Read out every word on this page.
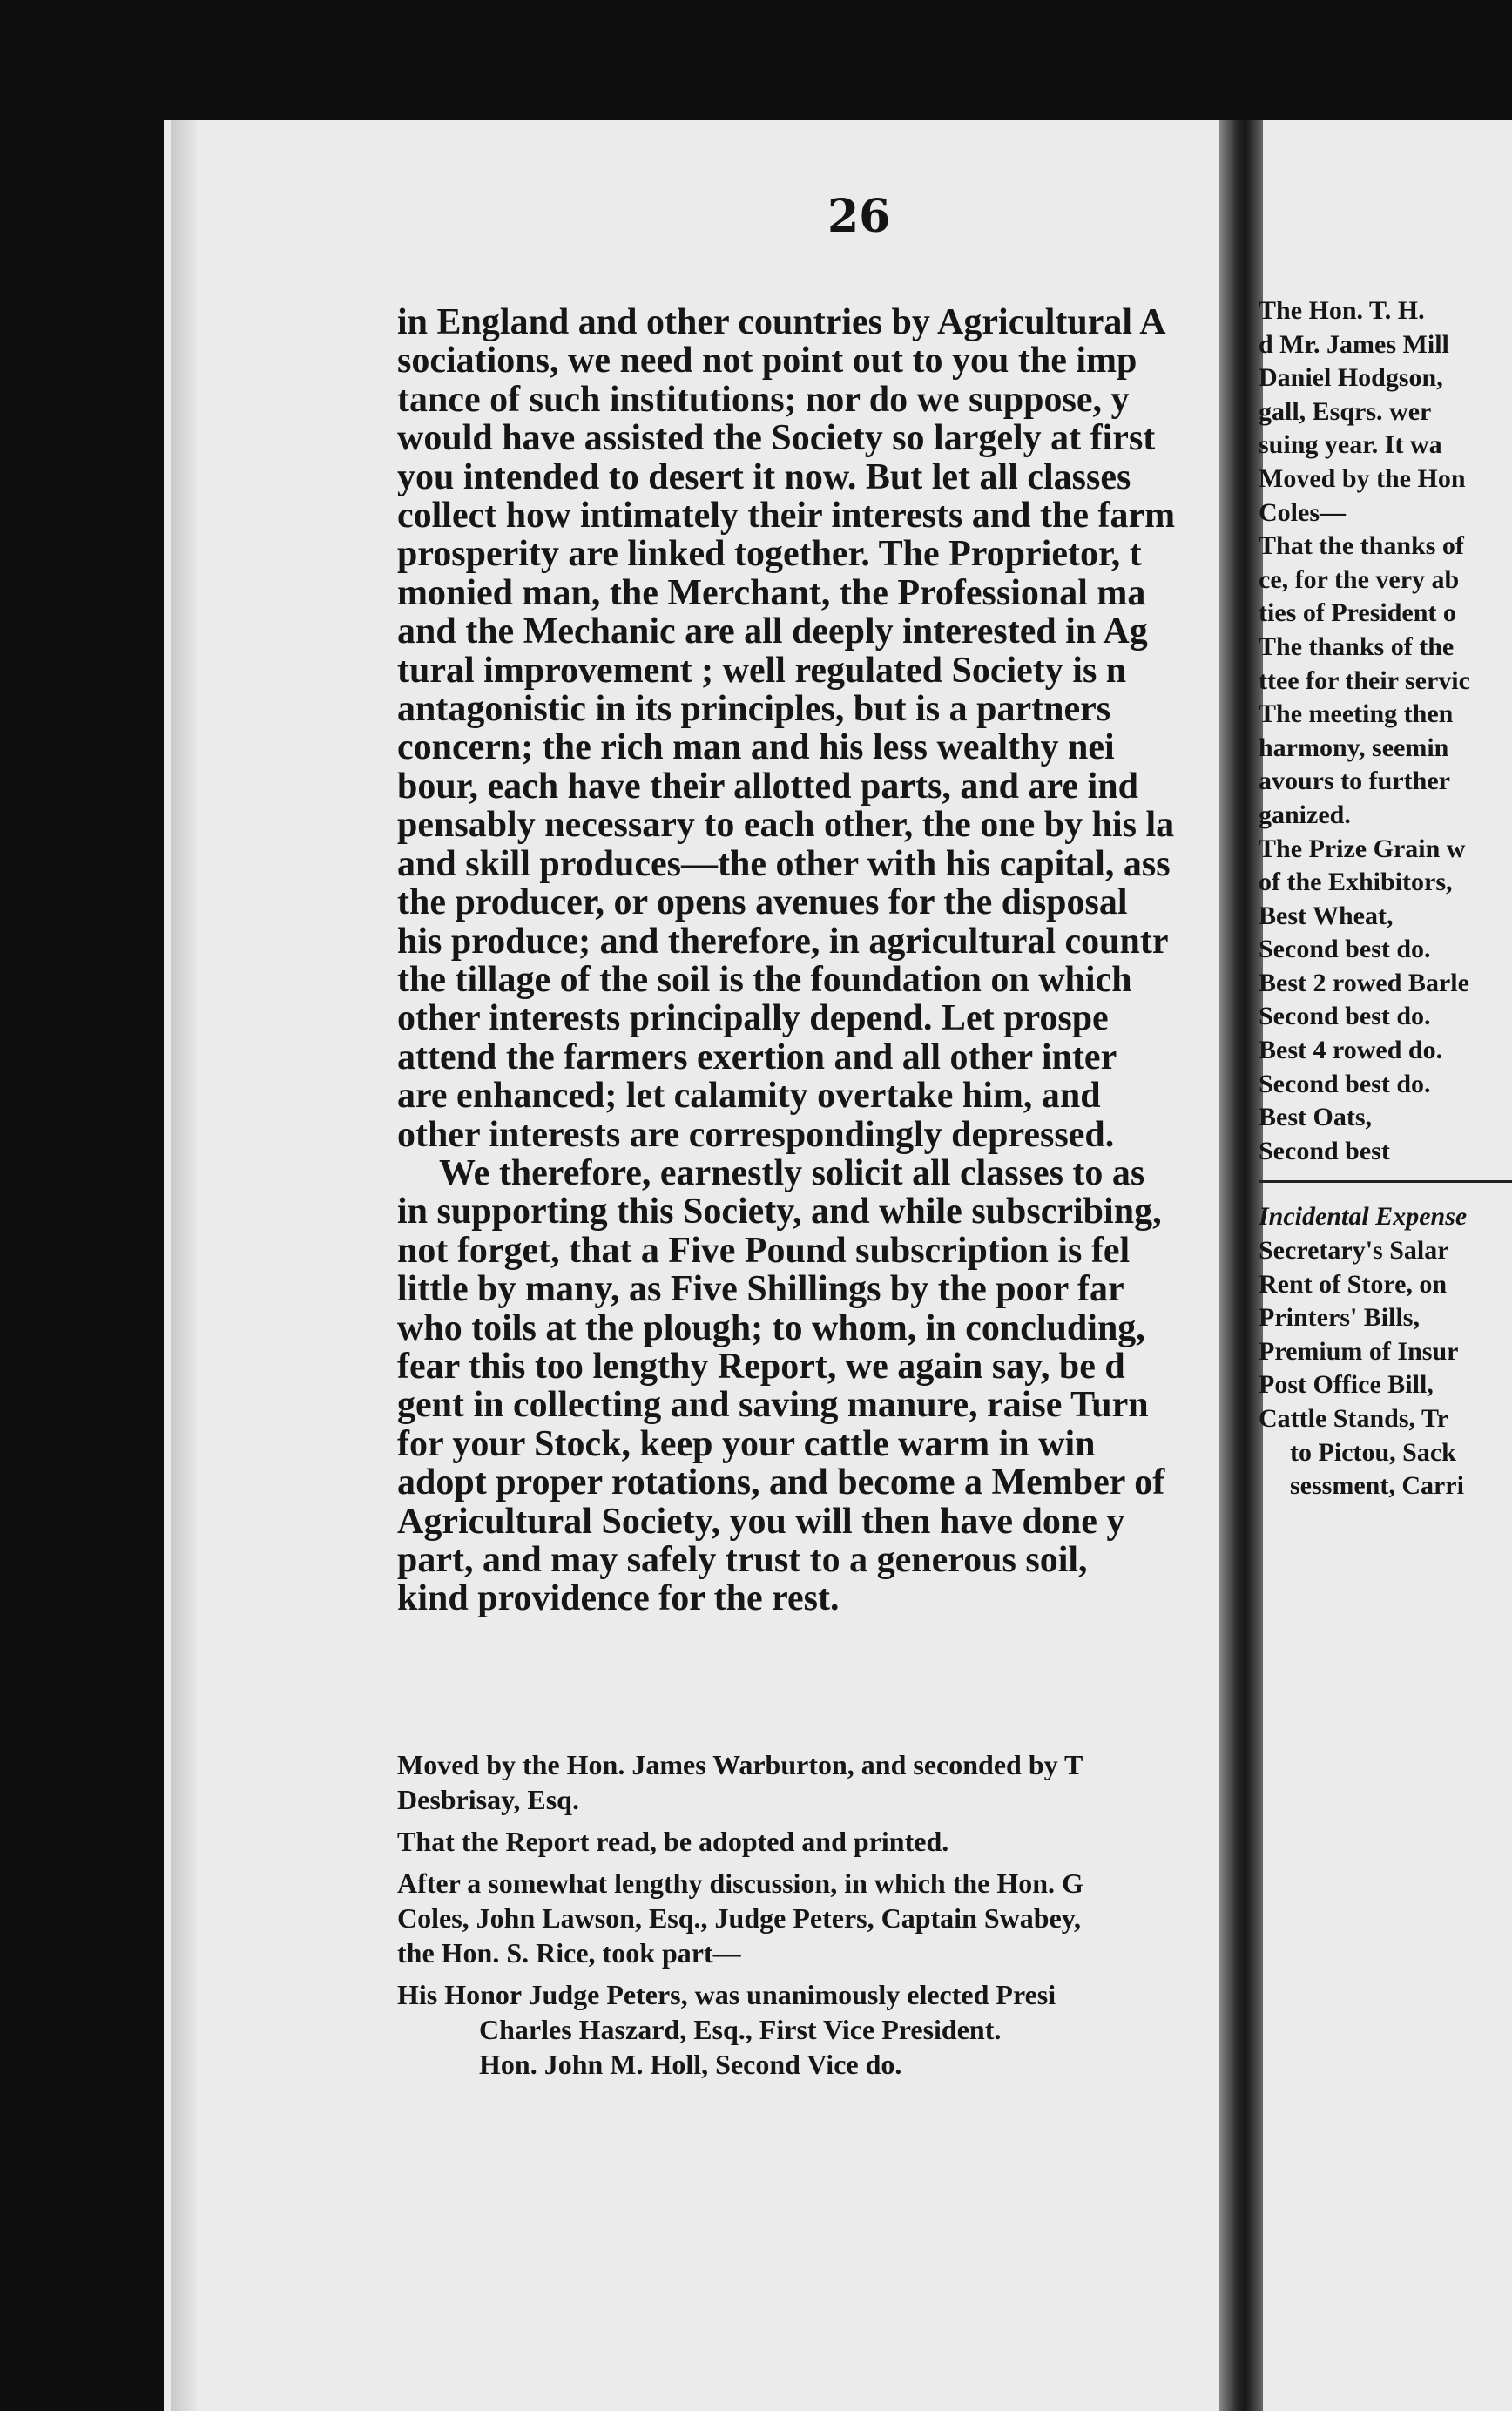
26
in England and other countries by Agricultural A
sociations, we need not point out to you the imp
tance of such institutions; nor do we suppose, y
would have assisted the Society so largely at first
you intended to desert it now. But let all classes
collect how intimately their interests and the farm
prosperity are linked together. The Proprietor, t
monied man, the Merchant, the Professional ma
and the Mechanic are all deeply interested in Ag
tural improvement ; well regulated Society is n
antagonistic in its principles, but is a partners
concern; the rich man and his less wealthy nei
bour, each have their allotted parts, and are ind
pensably necessary to each other, the one by his la
and skill produces—the other with his capital, ass
the producer, or opens avenues for the disposal
his produce; and therefore, in agricultural countr
the tillage of the soil is the foundation on which
other interests principally depend. Let prospe
attend the farmers exertion and all other inter
are enhanced; let calamity overtake him, and
other interests are correspondingly depressed.
We therefore, earnestly solicit all classes to as
in supporting this Society, and while subscribing,
not forget, that a Five Pound subscription is fel
little by many, as Five Shillings by the poor far
who toils at the plough; to whom, in concluding,
fear this too lengthy Report, we again say, be d
gent in collecting and saving manure, raise Turn
for your Stock, keep your cattle warm in win
adopt proper rotations, and become a Member of
Agricultural Society, you will then have done y
part, and may safely trust to a generous soil,
kind providence for the rest.
Moved by the Hon. James Warburton, and seconded by T
Desbrisay, Esq.
That the Report read, be adopted and printed.
After a somewhat lengthy discussion, in which the Hon. G
Coles, John Lawson, Esq., Judge Peters, Captain Swabey,
the Hon. S. Rice, took part—
His Honor Judge Peters, was unanimously elected Presi
Charles Haszard, Esq., First Vice President.
Hon. John M. Holl, Second Vice do.
The Hon. T. H.
d Mr. James Mill
Daniel Hodgson,
gall, Esqrs. wer
suing year. It wa
Moved by the Hon
Coles—
That the thanks of
ce, for the very ab
ties of President o
The thanks of the
ttee for their servic
The meeting then
harmony, seemin
avours to further
ganized.
The Prize Grain w
of the Exhibitors,
Best Wheat,
Second best do.
Best 2 rowed Barle
Second best do.
Best 4 rowed do.
Second best do.
Best Oats,
Second best
Incidental Expense
Secretary's Salar
Rent of Store, on
Printers' Bills,
Premium of Insur
Post Office Bill,
Cattle Stands, Tr
to Pictou, Sack
sessment, Carri
